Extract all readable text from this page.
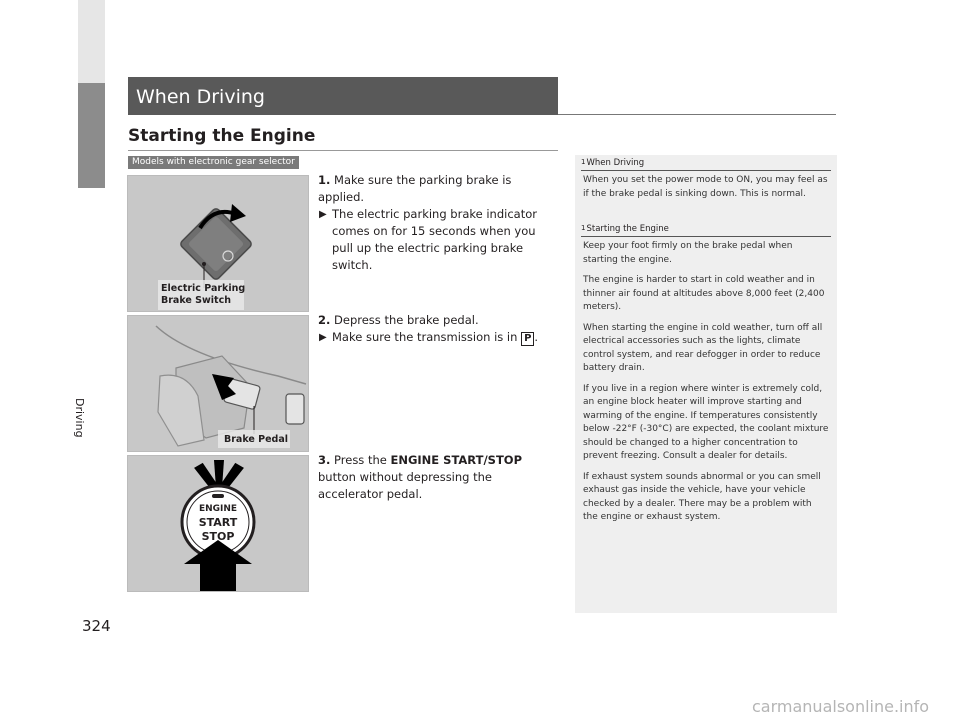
Driving
When Driving
Starting the Engine
Models with electronic gear selector
Electric Parking
Brake Switch
Brake Pedal
ENGINE
START
STOP
1. Make sure the parking brake is applied.
▶ The electric parking brake indicator comes on for 15 seconds when you pull up the electric parking brake switch.
2. Depress the brake pedal.
▶ Make sure the transmission is in P .
3. Press the ENGINE START/STOP button without depressing the accelerator pedal.
1When Driving

When you set the power mode to ON, you may feel as if the brake pedal is sinking down. This is normal.

1Starting the Engine

Keep your foot firmly on the brake pedal when starting the engine.

The engine is harder to start in cold weather and in thinner air found at altitudes above 8,000 feet (2,400 meters).

When starting the engine in cold weather, turn off all electrical accessories such as the lights, climate control system, and rear defogger in order to reduce battery drain.

If you live in a region where winter is extremely cold, an engine block heater will improve starting and warming of the engine. If temperatures consistently below -22°F (-30°C) are expected, the coolant mixture should be changed to a higher concentration to prevent freezing. Consult a dealer for details.

If exhaust system sounds abnormal or you can smell exhaust gas inside the vehicle, have your vehicle checked by a dealer. There may be a problem with the engine or exhaust system.

324
carmanualsonline.info
